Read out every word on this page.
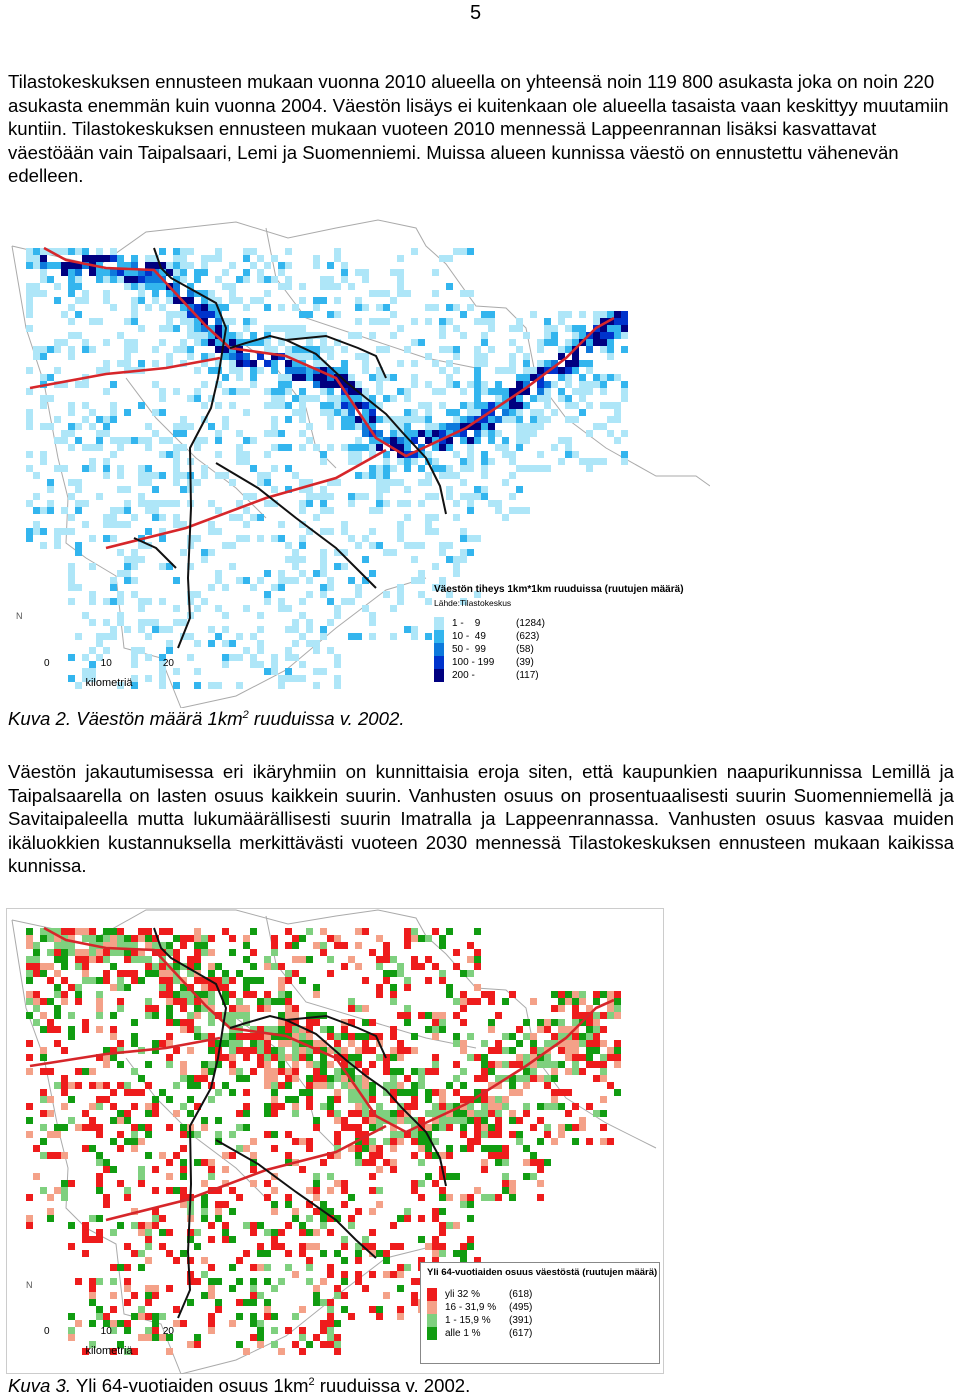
5

Tilastokeskuksen ennusteen mukaan vuonna 2010 alueella on yhteensä noin 119 800 asukasta joka on noin 220 asukasta enemmän kuin vuonna 2004. Väestön lisäys ei kuitenkaan ole alueella tasaista vaan keskittyy muutamiin kuntiin. Tilastokeskuksen ennusteen mukaan vuoteen 2010 mennessä Lappeenrannan lisäksi kasvattavat väestöään vain Taipalsaari, Lemi ja Suomenniemi. Muissa alueen kunnissa väestö on ennustettu vähenevän edelleen.

N
0	10	20
kilometriä
Väestön tiheys 1km*1km ruuduissa (ruutujen määrä)
Lähde:Tilastokeskus
1 -    9	(1284)
10 -  49	(623)
50 -  99	(58)
100 - 199	(39)
200 -	(117)
Kuva 2. Väestön määrä $1km^2$ ruuduissa v. 2002.

Väestön jakautumisessa eri ikäryhmiin on kunnittaisia eroja siten, että kaupunkien naapurikunnissa Lemillä ja Taipalsaarella on lasten osuus kaikkein suurin. Vanhusten osuus on prosentuaalisesti suurin Suomenniemellä ja Savitaipaleella mutta lukumäärällisesti suurin Imatralla ja Lappeenrannassa. Vanhusten osuus kasvaa muiden ikäluokkien kustannuksella merkittävästi vuoteen 2030 mennessä Tilastokeskuksen ennusteen mukaan kaikissa kunnissa.

N
0	10	20
kilometriä
Yli 64-vuotiaiden osuus väestöstä (ruutujen määrä)
yli 32 %	(618)
16 - 31,9 %	(495)
1 - 15,9 %	(391)
alle 1 %	(617)
Kuva 3. Yli 64-vuotiaiden osuus $1km^2$ ruuduissa v. 2002.
